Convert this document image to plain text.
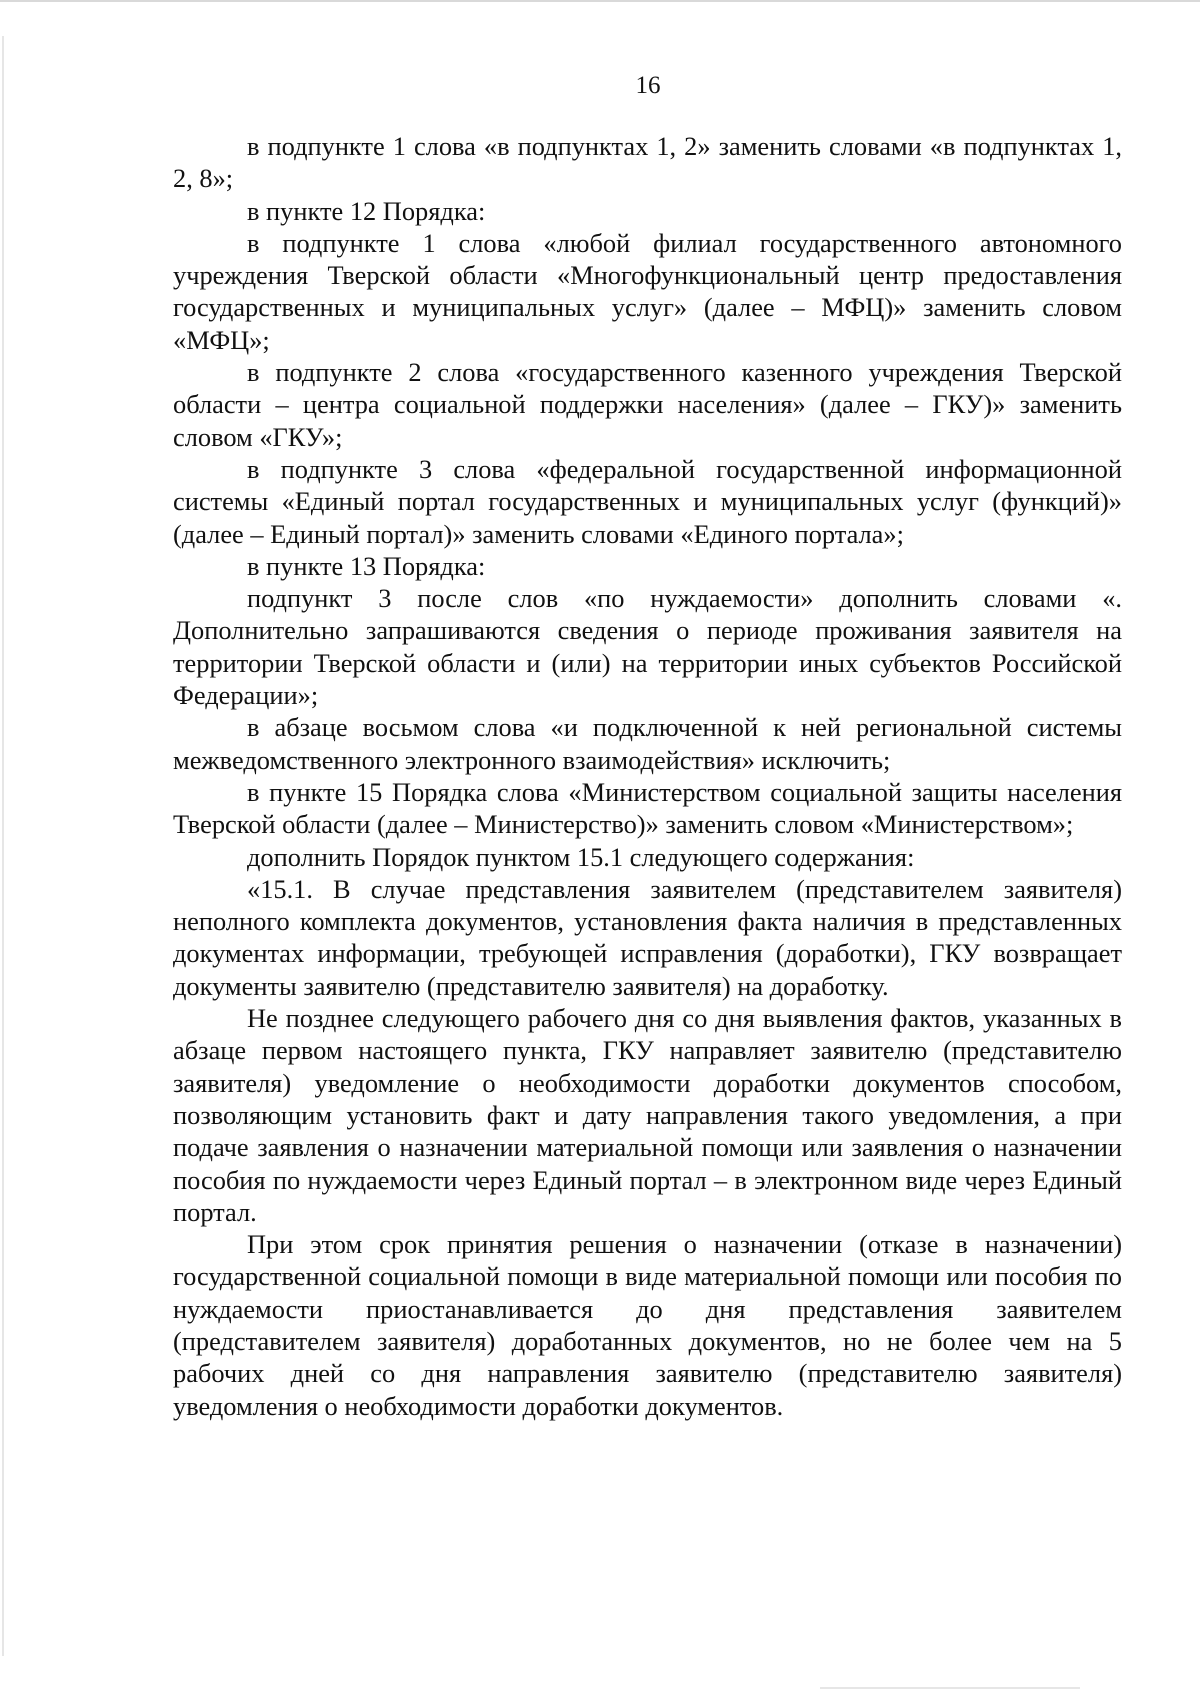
16

в подпункте 1 слова «в подпунктах 1, 2» заменить словами «в подпунктах 1, 2, 8»;

в пункте 12 Порядка:

в подпункте 1 слова «любой филиал государственного автономного учреждения Тверской области «Многофункциональный центр предоставления государственных и муниципальных услуг» (далее – МФЦ)» заменить словом «МФЦ»;

в подпункте 2 слова «государственного казенного учреждения Тверской области – центра социальной поддержки населения» (далее – ГКУ)» заменить словом «ГКУ»;

в подпункте 3 слова «федеральной государственной информационной системы «Единый портал государственных и муниципальных услуг (функций)» (далее – Единый портал)» заменить словами «Единого портала»;

в пункте 13 Порядка:

подпункт 3 после слов «по нуждаемости» дополнить словами «. Дополнительно запрашиваются сведения о периоде проживания заявителя на территории Тверской области и (или) на территории иных субъектов Российской Федерации»;

в абзаце восьмом слова «и подключенной к ней региональной системы межведомственного электронного взаимодействия» исключить;

в пункте 15 Порядка слова «Министерством социальной защиты населения Тверской области (далее – Министерство)» заменить словом «Министерством»;

дополнить Порядок пунктом 15.1 следующего содержания:

«15.1. В случае представления заявителем (представителем заявителя) неполного комплекта документов, установления факта наличия в представленных документах информации, требующей исправления (доработки), ГКУ возвращает документы заявителю (представителю заявителя) на доработку.

Не позднее следующего рабочего дня со дня выявления фактов, указанных в абзаце первом настоящего пункта, ГКУ направляет заявителю (представителю заявителя) уведомление о необходимости доработки документов способом, позволяющим установить факт и дату направления такого уведомления, а при подаче заявления о назначении материальной помощи или заявления о назначении пособия по нуждаемости через Единый портал – в электронном виде через Единый портал.

При этом срок принятия решения о назначении (отказе в назначении) государственной социальной помощи в виде материальной помощи или пособия по нуждаемости приостанавливается до дня представления заявителем (представителем заявителя) доработанных документов, но не более чем на 5 рабочих дней со дня направления заявителю (представителю заявителя) уведомления о необходимости доработки документов.
